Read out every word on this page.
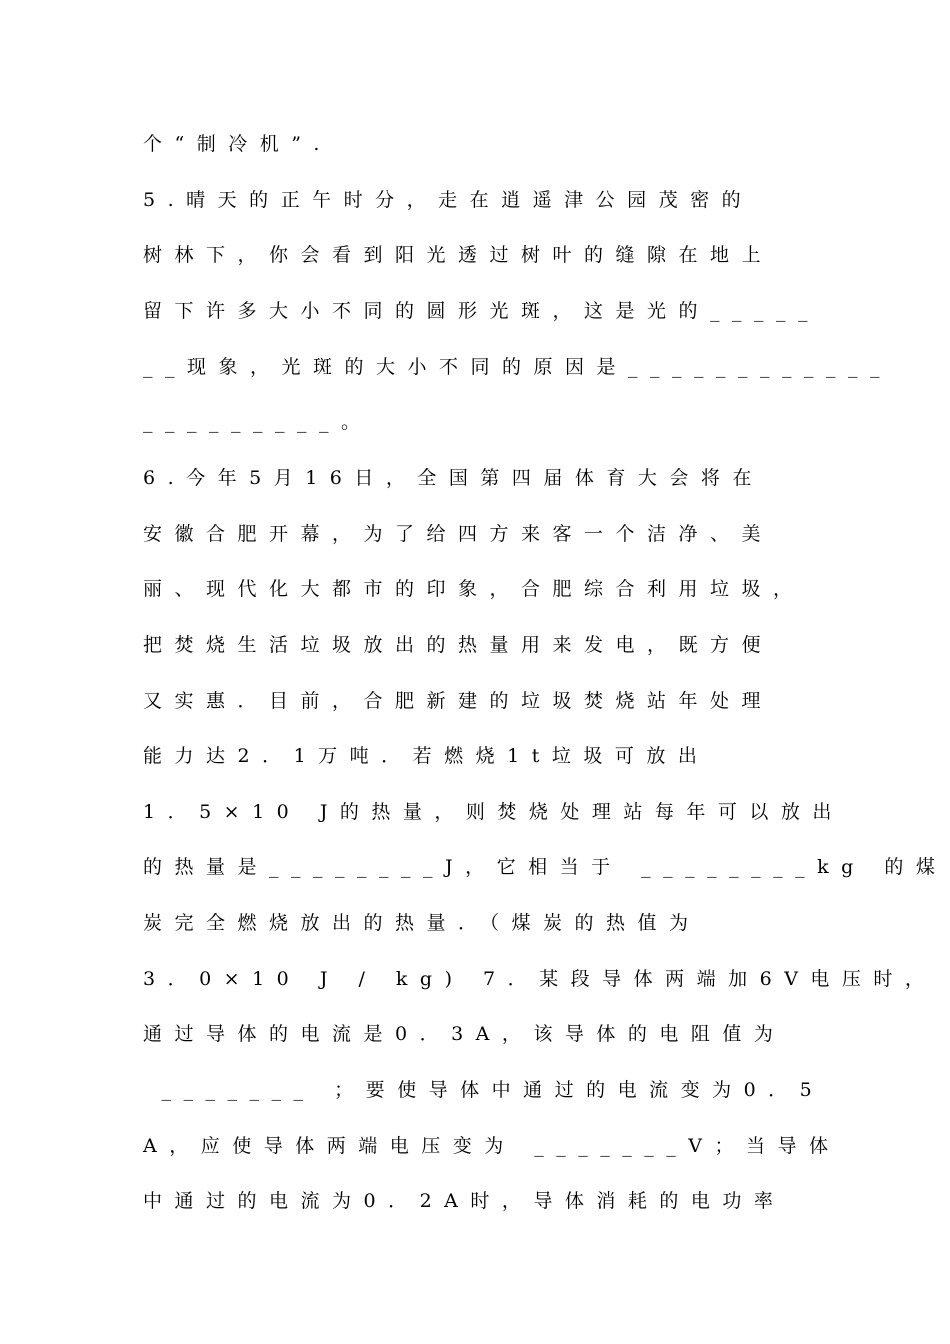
个“制冷机”.
5.晴天的正午时分，走在逍遥津公园茂密的
树林下，你会看到阳光透过树叶的缝隙在地上
留下许多大小不同的圆形光斑，这是光的_____
__现象，光斑的大小不同的原因是____________
_________。
6.今年5月16日，全国第四届体育大会将在
安徽合肥开幕，为了给四方来客一个洁净、美
丽、现代化大都市的印象，合肥综合利用垃圾，
把焚烧生活垃圾放出的热量用来发电，既方便
又实惠．目前，合肥新建的垃圾焚烧站年处理
能力达2．1万吨．若燃烧1t垃圾可放出
1．5×10 J的热量，则焚烧处理站每年可以放出
的热量是________J，它相当于 ________kg 的煤
炭完全燃烧放出的热量．（煤炭的热值为
3．0×10 J / kg) 7．某段导体两端加6V电压时，
通过导体的电流是0．3A，该导体的电阻值为
_______ ；要使导体中通过的电流变为0．5
A，应使导体两端电压变为 _______V；当导体
中通过的电流为0．2A时，导体消耗的电功率
